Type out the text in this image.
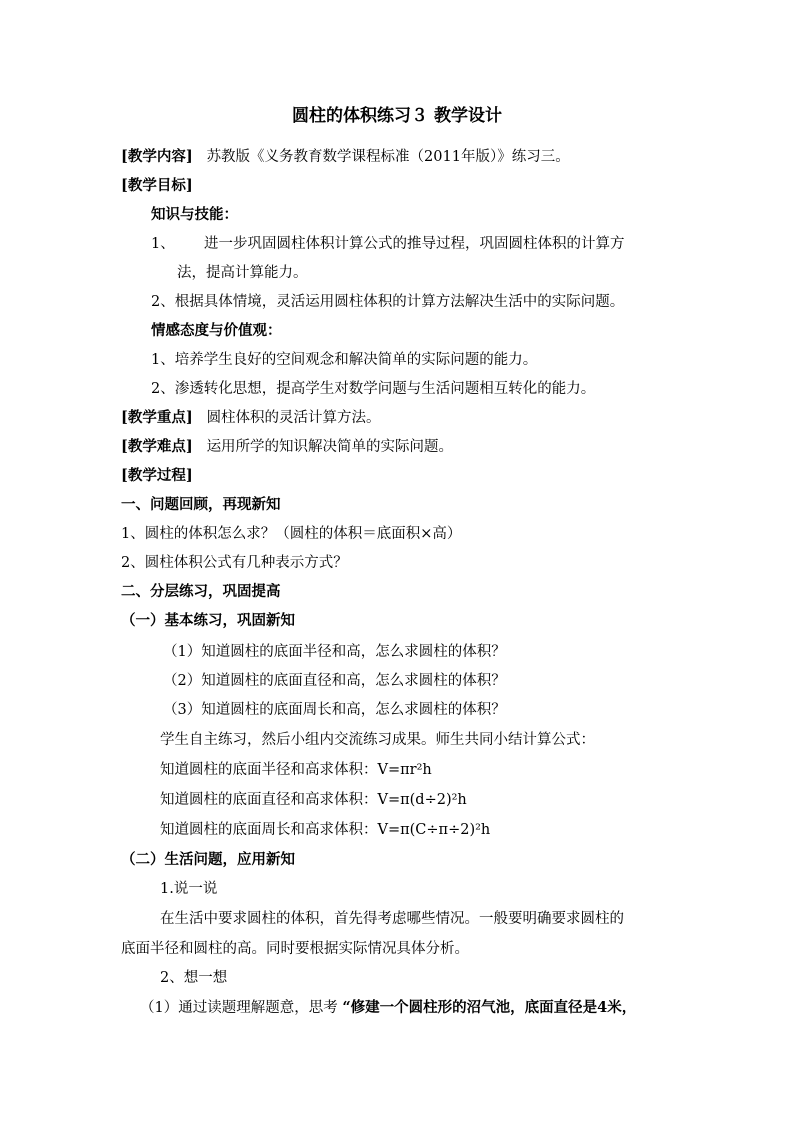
圆柱的体积练习３ 教学设计
[教学内容] 苏教版《义务教育数学课程标准（2011年版）》练习三。
[教学目标]
知识与技能：
1、 进一步巩固圆柱体积计算公式的推导过程，巩固圆柱体积的计算方
法，提高计算能力。
2、根据具体情境，灵活运用圆柱体积的计算方法解决生活中的实际问题。
情感态度与价值观：
1、培养学生良好的空间观念和解决简单的实际问题的能力。
2、渗透转化思想，提高学生对数学问题与生活问题相互转化的能力。
[教学重点] 圆柱体积的灵活计算方法。
[教学难点] 运用所学的知识解决简单的实际问题。
[教学过程]
一、问题回顾，再现新知
1、圆柱的体积怎么求？（圆柱的体积＝底面积×高）
2、圆柱体积公式有几种表示方式？
二、分层练习，巩固提高
（一）基本练习，巩固新知
（1）知道圆柱的底面半径和高，怎么求圆柱的体积？
（2）知道圆柱的底面直径和高，怎么求圆柱的体积？
（3）知道圆柱的底面周长和高，怎么求圆柱的体积？
学生自主练习，然后小组内交流练习成果。师生共同小结计算公式：
知道圆柱的底面半径和高求体积：V=πr²h
知道圆柱的底面直径和高求体积：V=π(d÷2)²h
知道圆柱的底面周长和高求体积：V=π(C÷π÷2)²h
（二）生活问题，应用新知
1.说一说
在生活中要求圆柱的体积，首先得考虑哪些情况。一般要明确要求圆柱的
底面半径和圆柱的高。同时要根据实际情况具体分析。
2、想一想
（1）通过读题理解题意，思考 “修建一个圆柱形的沼气池，底面直径是4米，
